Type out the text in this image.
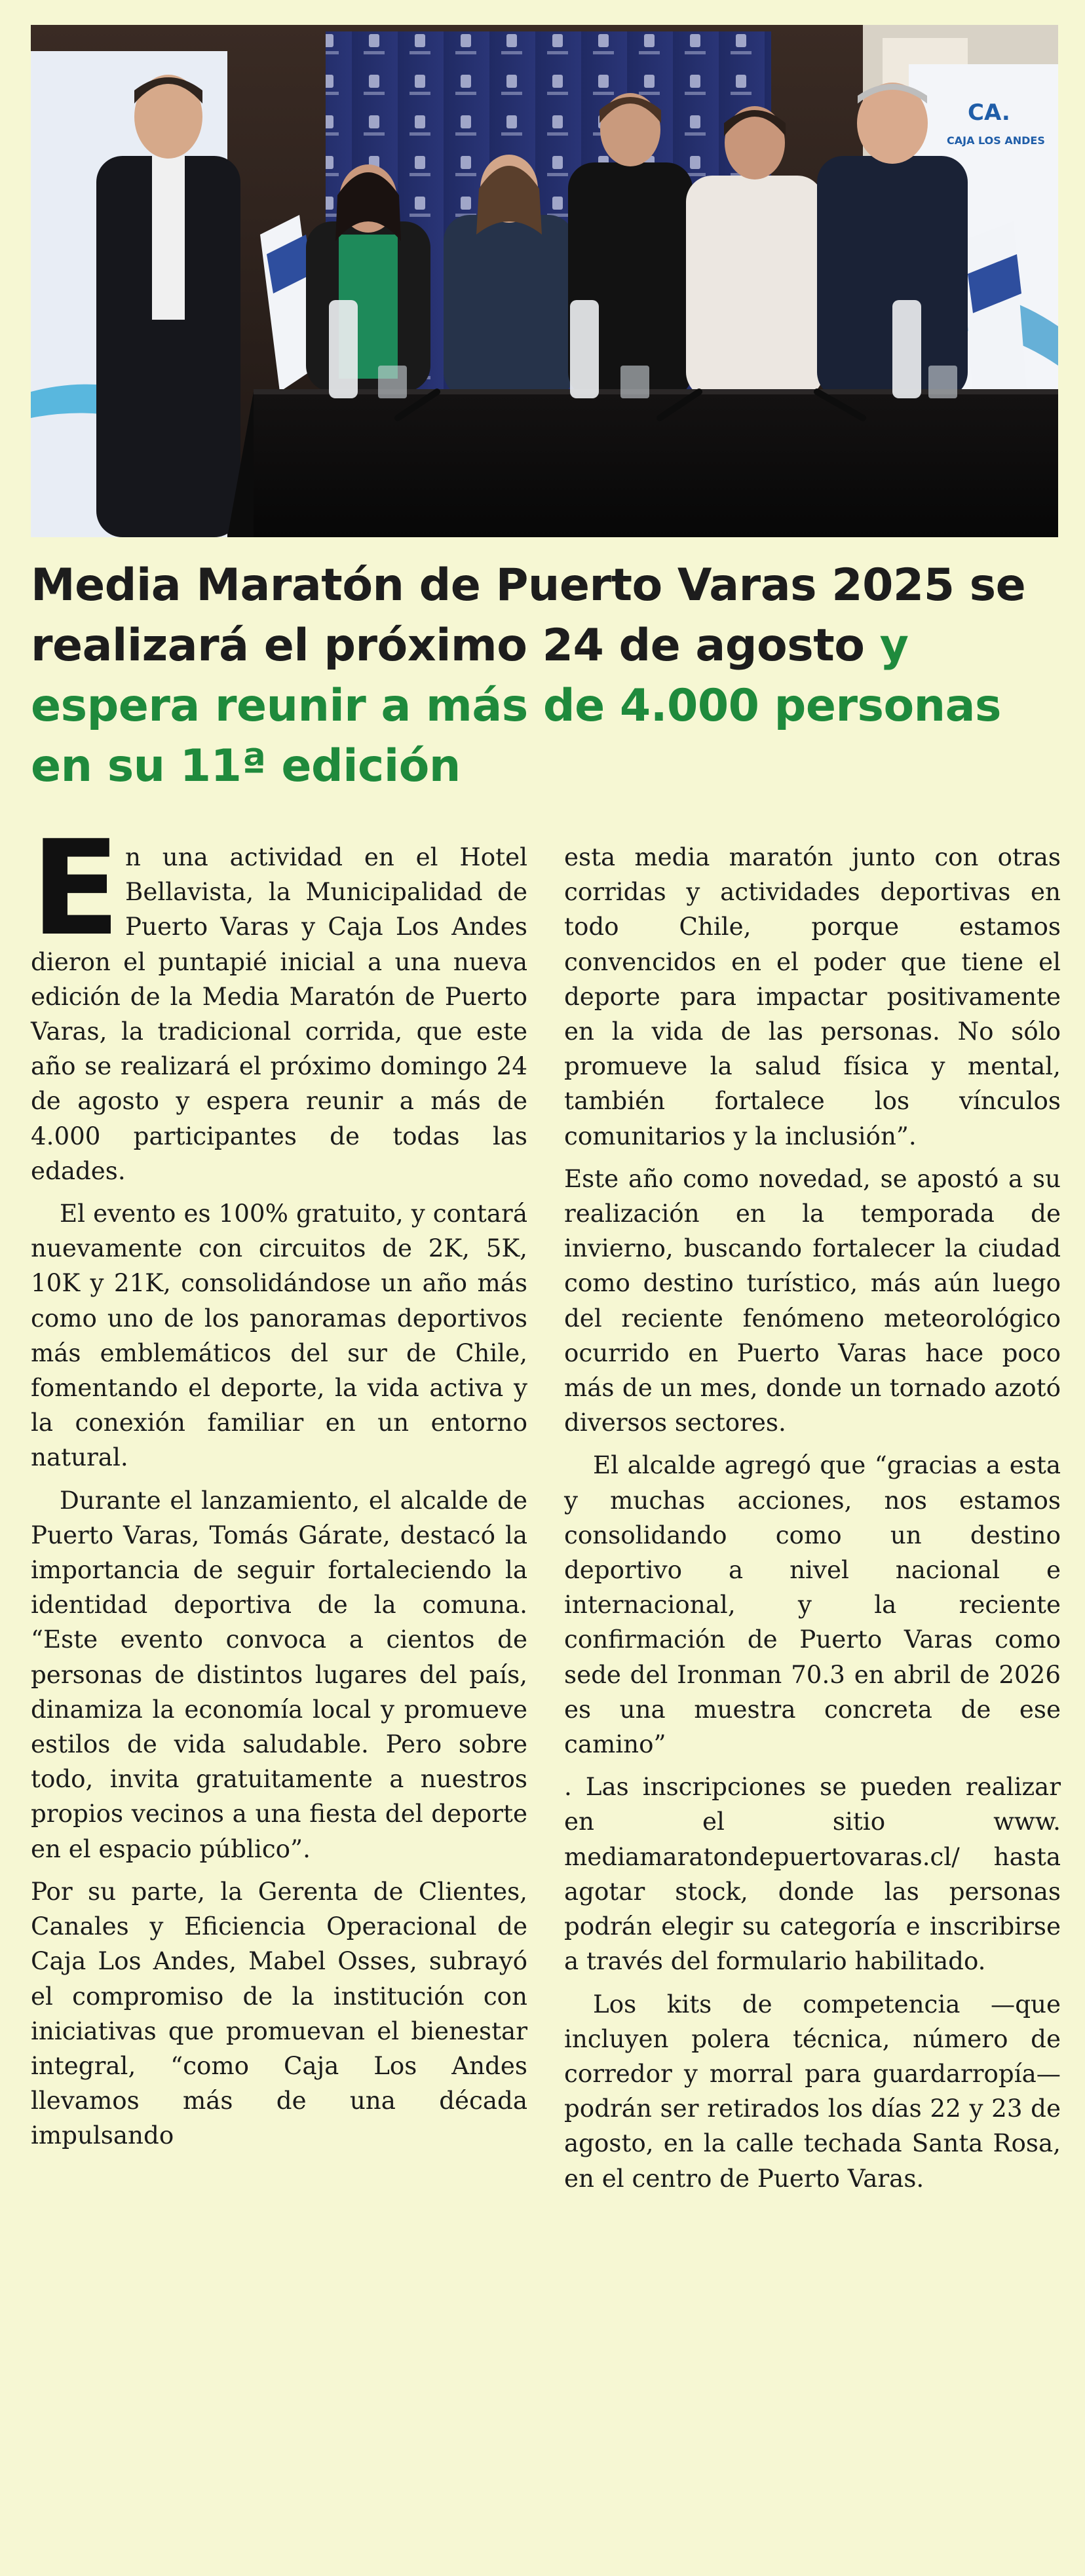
CA.
CAJA LOS ANDES
Media Maratón de Puerto Varas 2025 se realizará el próximo 24 de agosto y espera reunir a más de 4.000 personas en su 11ª edición

En una actividad en el Hotel Bellavista, la Municipalidad de Puerto Varas y Caja Los Andes dieron el puntapié inicial a una nueva edición de la Media Maratón de Puerto Varas, la tradicional corrida, que este año se realizará el próximo domingo 24 de agosto y espera reunir a más de 4.000 participantes de todas las edades.

El evento es 100% gratuito, y contará nuevamente con circuitos de 2K, 5K, 10K y 21K, consolidándose un año más como uno de los panoramas deportivos más emblemáticos del sur de Chile, fomentando el deporte, la vida activa y la conexión familiar en un entorno natural.

Durante el lanzamiento, el alcalde de Puerto Varas, Tomás Gárate, destacó la importancia de seguir fortaleciendo la identidad deportiva de la comuna. “Este evento convoca a cientos de personas de distintos lugares del país, dinamiza la economía local y promueve estilos de vida saludable. Pero sobre todo, invita gratuitamente a nuestros propios vecinos a una fiesta del deporte en el espacio público”.

Por su parte, la Gerenta de Clientes, Canales y Eficiencia Operacional de Caja Los Andes, Mabel Osses, subrayó el compromiso de la institución con iniciativas que promuevan el bienestar integral, “como Caja Los Andes llevamos más de una década impulsando

esta media maratón junto con otras corridas y actividades deportivas en todo Chile, porque estamos convencidos en el poder que tiene el deporte para impactar positivamente en la vida de las personas. No sólo promueve la salud física y mental, también fortalece los vínculos comunitarios y la inclusión”.

Este año como novedad, se apostó a su realización en la temporada de invierno, buscando fortalecer la ciudad como destino turístico, más aún luego del reciente fenómeno meteorológico ocurrido en Puerto Varas hace poco más de un mes, donde un tornado azotó diversos sectores.

El alcalde agregó que “gracias a esta y muchas acciones, nos estamos consolidando como un destino deportivo a nivel nacional e internacional, y la reciente confirmación de Puerto Varas como sede del Ironman 70.3 en abril de 2026 es una muestra concreta de ese camino”

. Las inscripciones se pueden realizar en el sitio www. mediamaratondepuertovaras.cl/ hasta agotar stock, donde las personas podrán elegir su categoría e inscribirse a través del formulario habilitado.

Los kits de competencia —que incluyen polera técnica, número de corredor y morral para guardarropía— podrán ser retirados los días 22 y 23 de agosto, en la calle techada Santa Rosa, en el centro de Puerto Varas.
